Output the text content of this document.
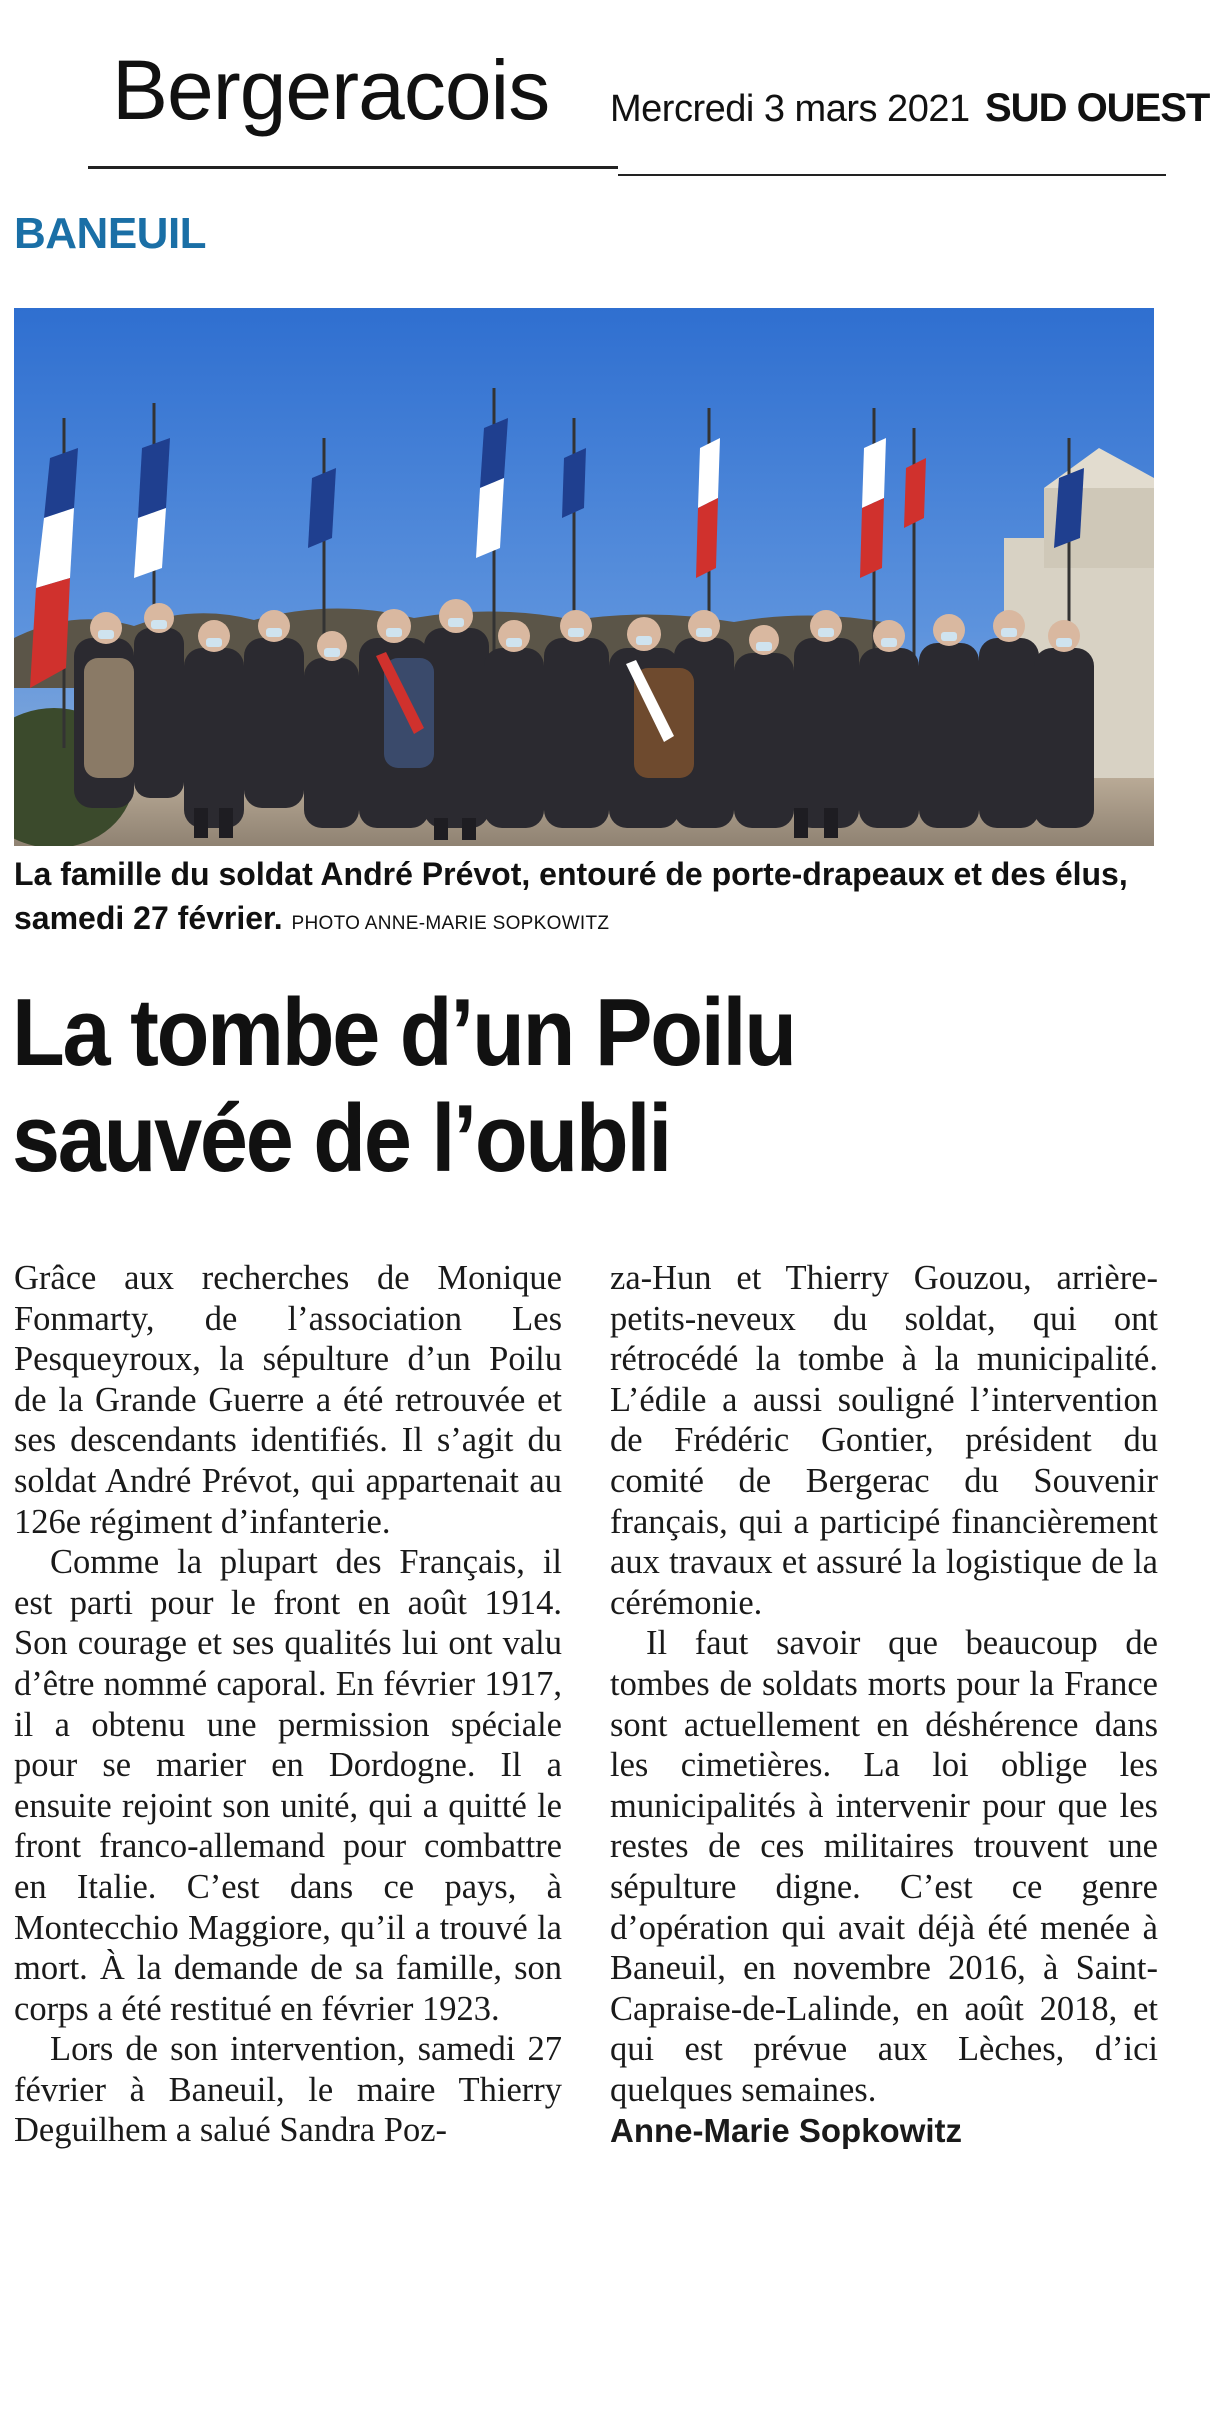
Bergeracois Mercredi 3 mars 2021 SUD OUEST
BANEUIL
La famille du soldat André Prévot, entouré de porte-drapeaux et des élus, samedi 27 février. PHOTO ANNE-MARIE SOPKOWITZ
La tombe d’un Poilu sauvée de l’oubli

Grâce aux recherches de Monique Fonmarty, de l’association Les Pesqueyroux, la sépulture d’un Poilu de la Grande Guerre a été retrouvée et ses descendants identifiés. Il s’agit du soldat André Prévot, qui appartenait au 126e régiment d’infanterie.

Comme la plupart des Français, il est parti pour le front en août 1914. Son courage et ses qualités lui ont valu d’être nommé caporal. En février 1917, il a obtenu une permission spéciale pour se marier en Dordogne. Il a ensuite rejoint son unité, qui a quitté le front franco-allemand pour combattre en Italie. C’est dans ce pays, à Montecchio Maggiore, qu’il a trouvé la mort. À la demande de sa famille, son corps a été restitué en février 1923.

Lors de son intervention, samedi 27 février à Baneuil, le maire Thierry Deguilhem a salué Sandra Poz-

za-Hun et Thierry Gouzou, arrière-petits-neveux du soldat, qui ont rétrocédé la tombe à la municipalité. L’édile a aussi souligné l’intervention de Frédéric Gontier, président du comité de Bergerac du Souvenir français, qui a participé financièrement aux travaux et assuré la logistique de la cérémonie.

Il faut savoir que beaucoup de tombes de soldats morts pour la France sont actuellement en déshérence dans les cimetières. La loi oblige les municipalités à intervenir pour que les restes de ces militaires trouvent une sépulture digne. C’est ce genre d’opération qui avait déjà été menée à Baneuil, en novembre 2016, à Saint-Capraise-de-Lalinde, en août 2018, et qui est prévue aux Lèches, d’ici quelques semaines.

Anne-Marie Sopkowitz
